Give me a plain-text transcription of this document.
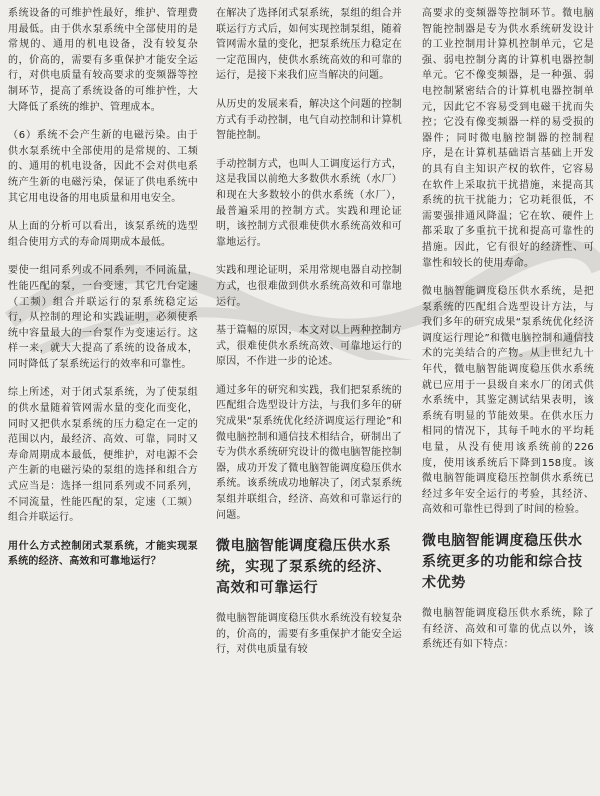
系统设备的可维护性最好，维护、管理费用最低。由于供水泵系统中全部使用的是常规的、通用的机电设备，没有较复杂的，价高的，需要有多重保护才能安全运行，对供电质量有较高要求的变频器等控制环节，提高了系统设备的可维护性，大大降低了系统的维护、管理成本。

（6）系统不会产生新的电磁污染。由于供水泵系统中全部使用的是常规的、工频的、通用的机电设备，因此不会对供电系统产生新的电磁污染，保证了供电系统中其它用电设备的用电质量和用电安全。

从上面的分析可以看出，该泵系统的选型组合使用方式的寿命周期成本最低。

要使一组同系列或不同系列，不同流量，性能匹配的泵，一台变速，其它几台定速（工频）组合并联运行的泵系统稳定运行，从控制的理论和实践证明，必须使系统中容量最大的一台泵作为变速运行。这样一来，就大大提高了系统的设备成本，同时降低了泵系统运行的效率和可靠性。

综上所述，对于闭式泵系统，为了使泵组的供水量随着管网需水量的变化而变化，同时又把供水泵系统的压力稳定在一定的范围以内，最经济、高效、可靠，同时又寿命周期成本最低，便维护，对电源不会产生新的电磁污染的泵组的选择和组合方式应当是：选择一组同系列或不同系列，不同流量，性能匹配的泵，定速（工频）组合并联运行。

用什么方式控制闭式泵系统，才能实现泵系统的经济、高效和可靠地运行？

在解决了选择闭式泵系统，泵组的组合并联运行方式后，如何实现控制泵组，随着管网需水量的变化，把泵系统压力稳定在一定范围内，使供水系统高效的和可靠的运行，是接下来我们应当解决的问题。

从历史的发展来看，解决这个问题的控制方式有手动控制，电气自动控制和计算机智能控制。

手动控制方式，也叫人工调度运行方式，这是我国以前绝大多数供水系统（水厂）和现在大多数较小的供水系统（水厂），最普遍采用的控制方式。实践和理论证明，该控制方式很难使供水系统高效和可靠地运行。

实践和理论证明，采用常规电器自动控制方式，也很难做到供水系统高效和可靠地运行。

基于篇幅的原因，本文对以上两种控制方式，很难使供水系统高效、可靠地运行的原因，不作进一步的论述。

通过多年的研究和实践，我们把泵系统的匹配组合选型设计方法，与我们多年的研究成果“泵系统优化经济调度运行理论”和微电脑控制和通信技术相结合，研制出了专为供水系统研究设计的微电脑智能控制器，成功开发了微电脑智能调度稳压供水系统。该系统成功地解决了，闭式泵系统泵组并联组合，经济、高效和可靠运行的问题。

微电脑智能调度稳压供水系统，实现了泵系统的经济、高效和可靠运行

微电脑智能调度稳压供水系统没有较复杂的，价高的，需要有多重保护才能安全运行，对供电质量有较

高要求的变频器等控制环节。微电脑智能控制器是专为供水系统研发设计的工业控制用计算机控制单元，它是强、弱电控制分离的计算机电器控制单元。它不像变频器，是一种强、弱电控制紧密结合的计算机电器控制单元，因此它不容易受到电磁干扰而失控；它没有像变频器一样的易受损的器件；同时微电脑控制器的控制程序，是在计算机基础语言基础上开发的具有自主知识产权的软件，它容易在软件上采取抗干扰措施，来提高其系统的抗干扰能力；它功耗很低，不需要强排通风降温；它在软、硬件上都采取了多重抗干扰和提高可靠性的措施。因此，它有很好的经济性、可靠性和较长的使用寿命。

微电脑智能调度稳压供水系统，是把泵系统的匹配组合选型设计方法，与我们多年的研究成果“泵系统优化经济调度运行理论”和微电脑控制和通信技术的完美结合的产物。从上世纪九十年代，微电脑智能调度稳压供水系统就已应用于一县级自来水厂的闭式供水系统中，其鉴定测试结果表明，该系统有明显的节能效果。在供水压力相同的情况下，其每千吨水的平均耗电量，从没有使用该系统前的226度，使用该系统后下降到158度。该微电脑智能调度稳压控制供水系统已经过多年安全运行的考验，其经济、高效和可靠性已得到了时间的检验。

微电脑智能调度稳压供水系统更多的功能和综合技术优势

微电脑智能调度稳压供水系统，除了有经济、高效和可靠的优点以外，该系统还有如下特点：
